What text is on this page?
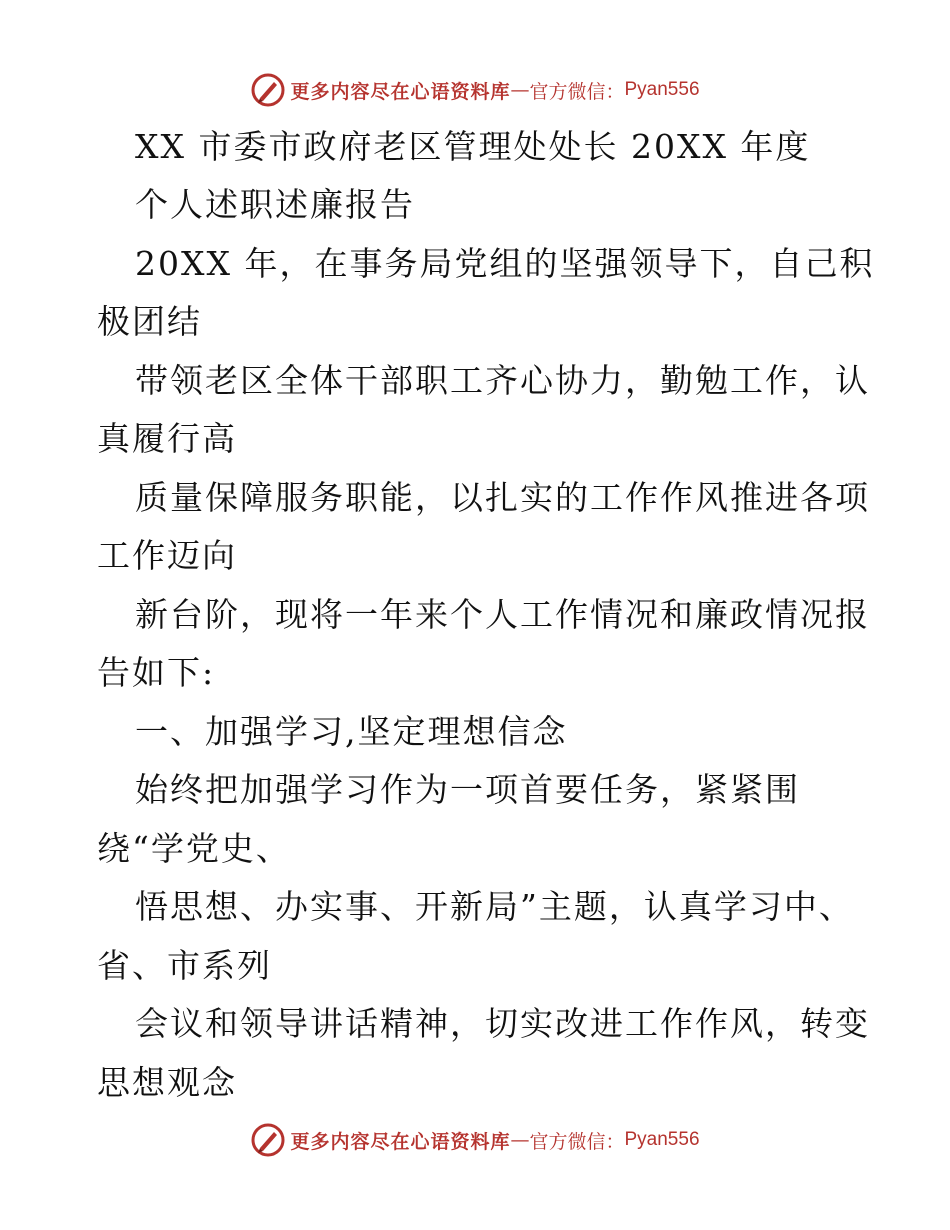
更多内容尽在心语资料库 — 官方微信： Pyan556
XX 市委市政府老区管理处处长 20XX 年度
个人述职述廉报告
20XX 年，在事务局党组的坚强领导下，自己积
极团结
带领老区全体干部职工齐心协力，勤勉工作，认
真履行高
质量保障服务职能，以扎实的工作作风推进各项
工作迈向
新台阶，现将一年来个人工作情况和廉政情况报
告如下:
一、加强学习,坚定理想信念
始终把加强学习作为一项首要任务，紧紧围
绕“学党史、
悟思想、办实事、开新局”主题，认真学习中、
省、市系列
会议和领导讲话精神，切实改进工作作风，转变
思想观念
更多内容尽在心语资料库 — 官方微信： Pyan556
